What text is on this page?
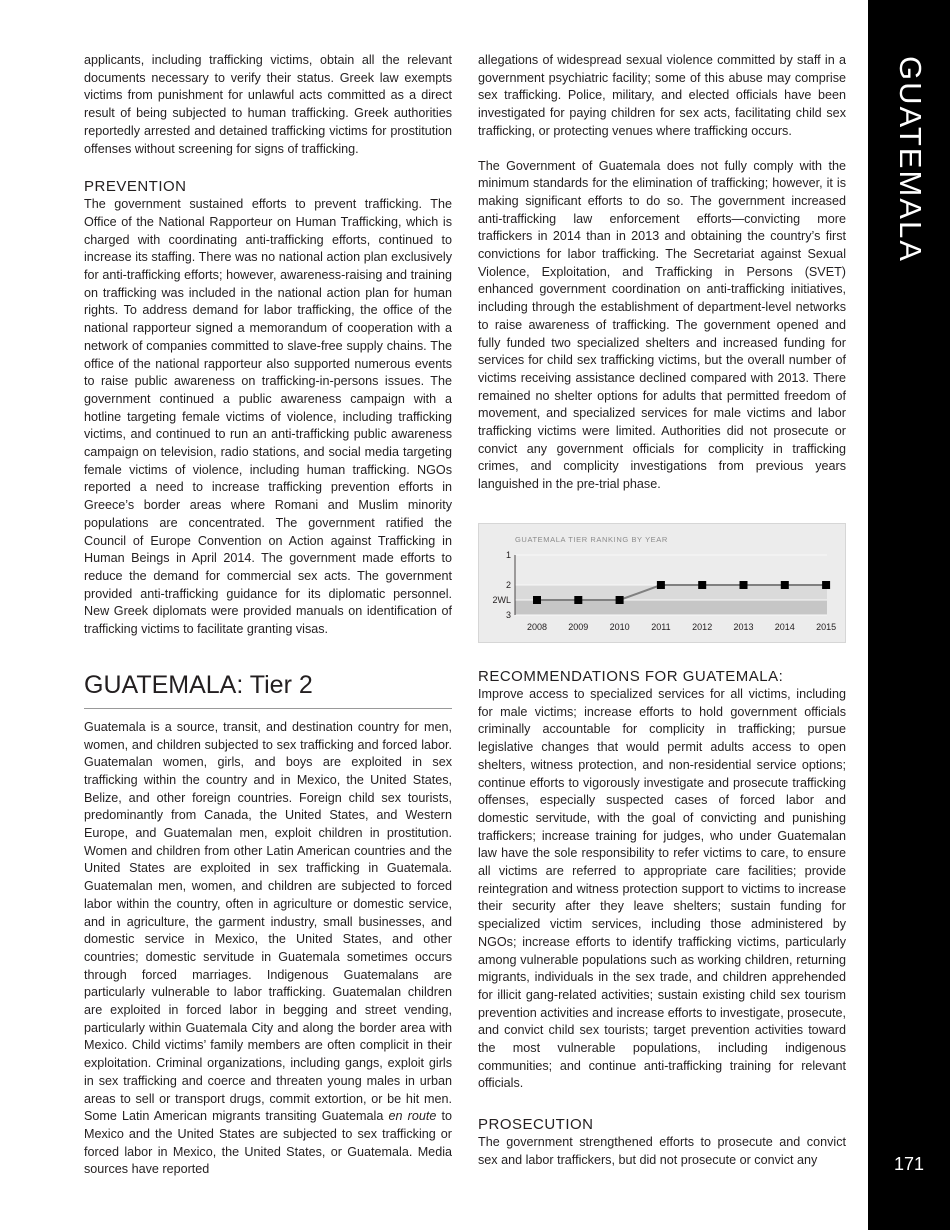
applicants, including trafficking victims, obtain all the relevant documents necessary to verify their status. Greek law exempts victims from punishment for unlawful acts committed as a direct result of being subjected to human trafficking. Greek authorities reportedly arrested and detained trafficking victims for prostitution offenses without screening for signs of trafficking.

PREVENTION

The government sustained efforts to prevent trafficking. The Office of the National Rapporteur on Human Trafficking, which is charged with coordinating anti-trafficking efforts, continued to increase its staffing. There was no national action plan exclusively for anti-trafficking efforts; however, awareness-raising and training on trafficking was included in the national action plan for human rights. To address demand for labor trafficking, the office of the national rapporteur signed a memorandum of cooperation with a network of companies committed to slave-free supply chains. The office of the national rapporteur also supported numerous events to raise public awareness on trafficking-in-persons issues. The government continued a public awareness campaign with a hotline targeting female victims of violence, including trafficking victims, and continued to run an anti-trafficking public awareness campaign on television, radio stations, and social media targeting female victims of violence, including human trafficking. NGOs reported a need to increase trafficking prevention efforts in Greece’s border areas where Romani and Muslim minority populations are concentrated. The government ratified the Council of Europe Convention on Action against Trafficking in Human Beings in April 2014. The government made efforts to reduce the demand for commercial sex acts. The government provided anti-trafficking guidance for its diplomatic personnel. New Greek diplomats were provided manuals on identification of trafficking victims to facilitate granting visas.

GUATEMALA: Tier 2

Guatemala is a source, transit, and destination country for men, women, and children subjected to sex trafficking and forced labor. Guatemalan women, girls, and boys are exploited in sex trafficking within the country and in Mexico, the United States, Belize, and other foreign countries. Foreign child sex tourists, predominantly from Canada, the United States, and Western Europe, and Guatemalan men, exploit children in prostitution. Women and children from other Latin American countries and the United States are exploited in sex trafficking in Guatemala. Guatemalan men, women, and children are subjected to forced labor within the country, often in agriculture or domestic service, and in agriculture, the garment industry, small businesses, and domestic service in Mexico, the United States, and other countries; domestic servitude in Guatemala sometimes occurs through forced marriages. Indigenous Guatemalans are particularly vulnerable to labor trafficking. Guatemalan children are exploited in forced labor in begging and street vending, particularly within Guatemala City and along the border area with Mexico. Child victims’ family members are often complicit in their exploitation. Criminal organizations, including gangs, exploit girls in sex trafficking and coerce and threaten young males in urban areas to sell or transport drugs, commit extortion, or be hit men. Some Latin American migrants transiting Guatemala en route to Mexico and the United States are subjected to sex trafficking or forced labor in Mexico, the United States, or Guatemala. Media sources have reported

allegations of widespread sexual violence committed by staff in a government psychiatric facility; some of this abuse may comprise sex trafficking. Police, military, and elected officials have been investigated for paying children for sex acts, facilitating child sex trafficking, or protecting venues where trafficking occurs.

The Government of Guatemala does not fully comply with the minimum standards for the elimination of trafficking; however, it is making significant efforts to do so. The government increased anti-trafficking law enforcement efforts—convicting more traffickers in 2014 than in 2013 and obtaining the country’s first convictions for labor trafficking. The Secretariat against Sexual Violence, Exploitation, and Trafficking in Persons (SVET) enhanced government coordination on anti-trafficking initiatives, including through the establishment of department-level networks to raise awareness of trafficking. The government opened and fully funded two specialized shelters and increased funding for services for child sex trafficking victims, but the overall number of victims receiving assistance declined compared with 2013. There remained no shelter options for adults that permitted freedom of movement, and specialized services for male victims and labor trafficking victims were limited. Authorities did not prosecute or convict any government officials for complicity in trafficking crimes, and complicity investigations from previous years languished in the pre-trial phase.

GUATEMALA TIER RANKING BY YEAR
1
2
2WL
3
2008 2009 2010 2011 2012 2013 2014 2015
RECOMMENDATIONS FOR GUATEMALA:

Improve access to specialized services for all victims, including for male victims; increase efforts to hold government officials criminally accountable for complicity in trafficking; pursue legislative changes that would permit adults access to open shelters, witness protection, and non-residential service options; continue efforts to vigorously investigate and prosecute trafficking offenses, especially suspected cases of forced labor and domestic servitude, with the goal of convicting and punishing traffickers; increase training for judges, who under Guatemalan law have the sole responsibility to refer victims to care, to ensure all victims are referred to appropriate care facilities; provide reintegration and witness protection support to victims to increase their security after they leave shelters; sustain funding for specialized victim services, including those administered by NGOs; increase efforts to identify trafficking victims, particularly among vulnerable populations such as working children, returning migrants, individuals in the sex trade, and children apprehended for illicit gang-related activities; sustain existing child sex tourism prevention activities and increase efforts to investigate, prosecute, and convict child sex tourists; target prevention activities toward the most vulnerable populations, including indigenous communities; and continue anti-trafficking training for relevant officials.

PROSECUTION

The government strengthened efforts to prosecute and convict sex and labor traffickers, but did not prosecute or convict any

GUATEMALA
171
